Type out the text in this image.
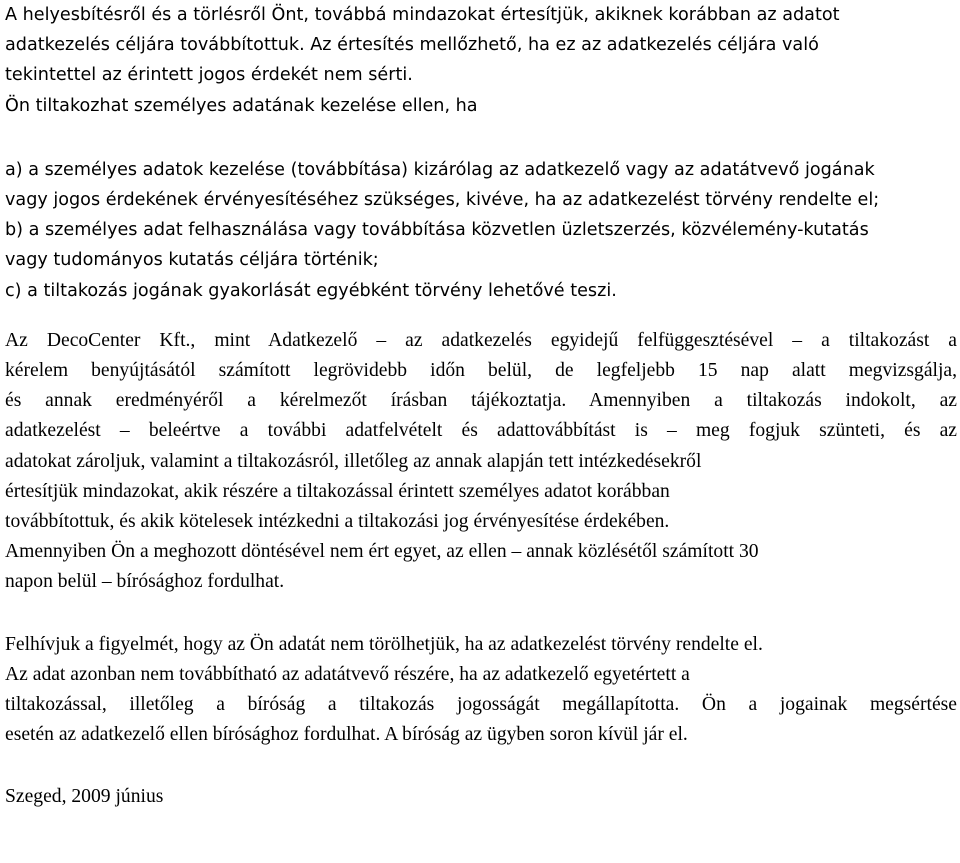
A helyesbítésről és a törlésről Önt, továbbá mindazokat értesítjük, akiknek korábban az adatot
adatkezelés céljára továbbítottuk. Az értesítés mellőzhető, ha ez az adatkezelés céljára való
tekintettel az érintett jogos érdekét nem sérti.
Ön tiltakozhat személyes adatának kezelése ellen, ha
a) a személyes adatok kezelése (továbbítása) kizárólag az adatkezelő vagy az adatátvevő jogának
vagy jogos érdekének érvényesítéséhez szükséges, kivéve, ha az adatkezelést törvény rendelte el;
b) a személyes adat felhasználása vagy továbbítása közvetlen üzletszerzés, közvélemény-kutatás
vagy tudományos kutatás céljára történik;
c) a tiltakozás jogának gyakorlását egyébként törvény lehetővé teszi.
Az DecoCenter Kft., mint Adatkezelő ‒ az adatkezelés egyidejű felfüggesztésével ‒ a tiltakozást a
kérelem benyújtásától számított legrövidebb időn belül, de legfeljebb 15 nap alatt megvizsgálja,
és annak eredményéről a kérelmezőt írásban tájékoztatja. Amennyiben a tiltakozás indokolt, az
adatkezelést ‒ beleértve a további adatfelvételt és adattovábbítást is ‒ meg fogjuk szünteti, és az
adatokat zároljuk, valamint a tiltakozásról, illetőleg az annak alapján tett intézkedésekről
értesítjük mindazokat, akik részére a tiltakozással érintett személyes adatot korábban
továbbítottuk, és akik kötelesek intézkedni a tiltakozási jog érvényesítése érdekében.
Amennyiben Ön a meghozott döntésével nem ért egyet, az ellen ‒ annak közlésétől számított 30
napon belül ‒ bírósághoz fordulhat.
Felhívjuk a figyelmét, hogy az Ön adatát nem törölhetjük, ha az adatkezelést törvény rendelte el.
Az adat azonban nem továbbítható az adatátvevő részére, ha az adatkezelő egyetértett a
tiltakozással, illetőleg a bíróság a tiltakozás jogosságát megállapította. Ön a jogainak megsértése
esetén az adatkezelő ellen bírósághoz fordulhat. A bíróság az ügyben soron kívül jár el.
Szeged, 2009 június
